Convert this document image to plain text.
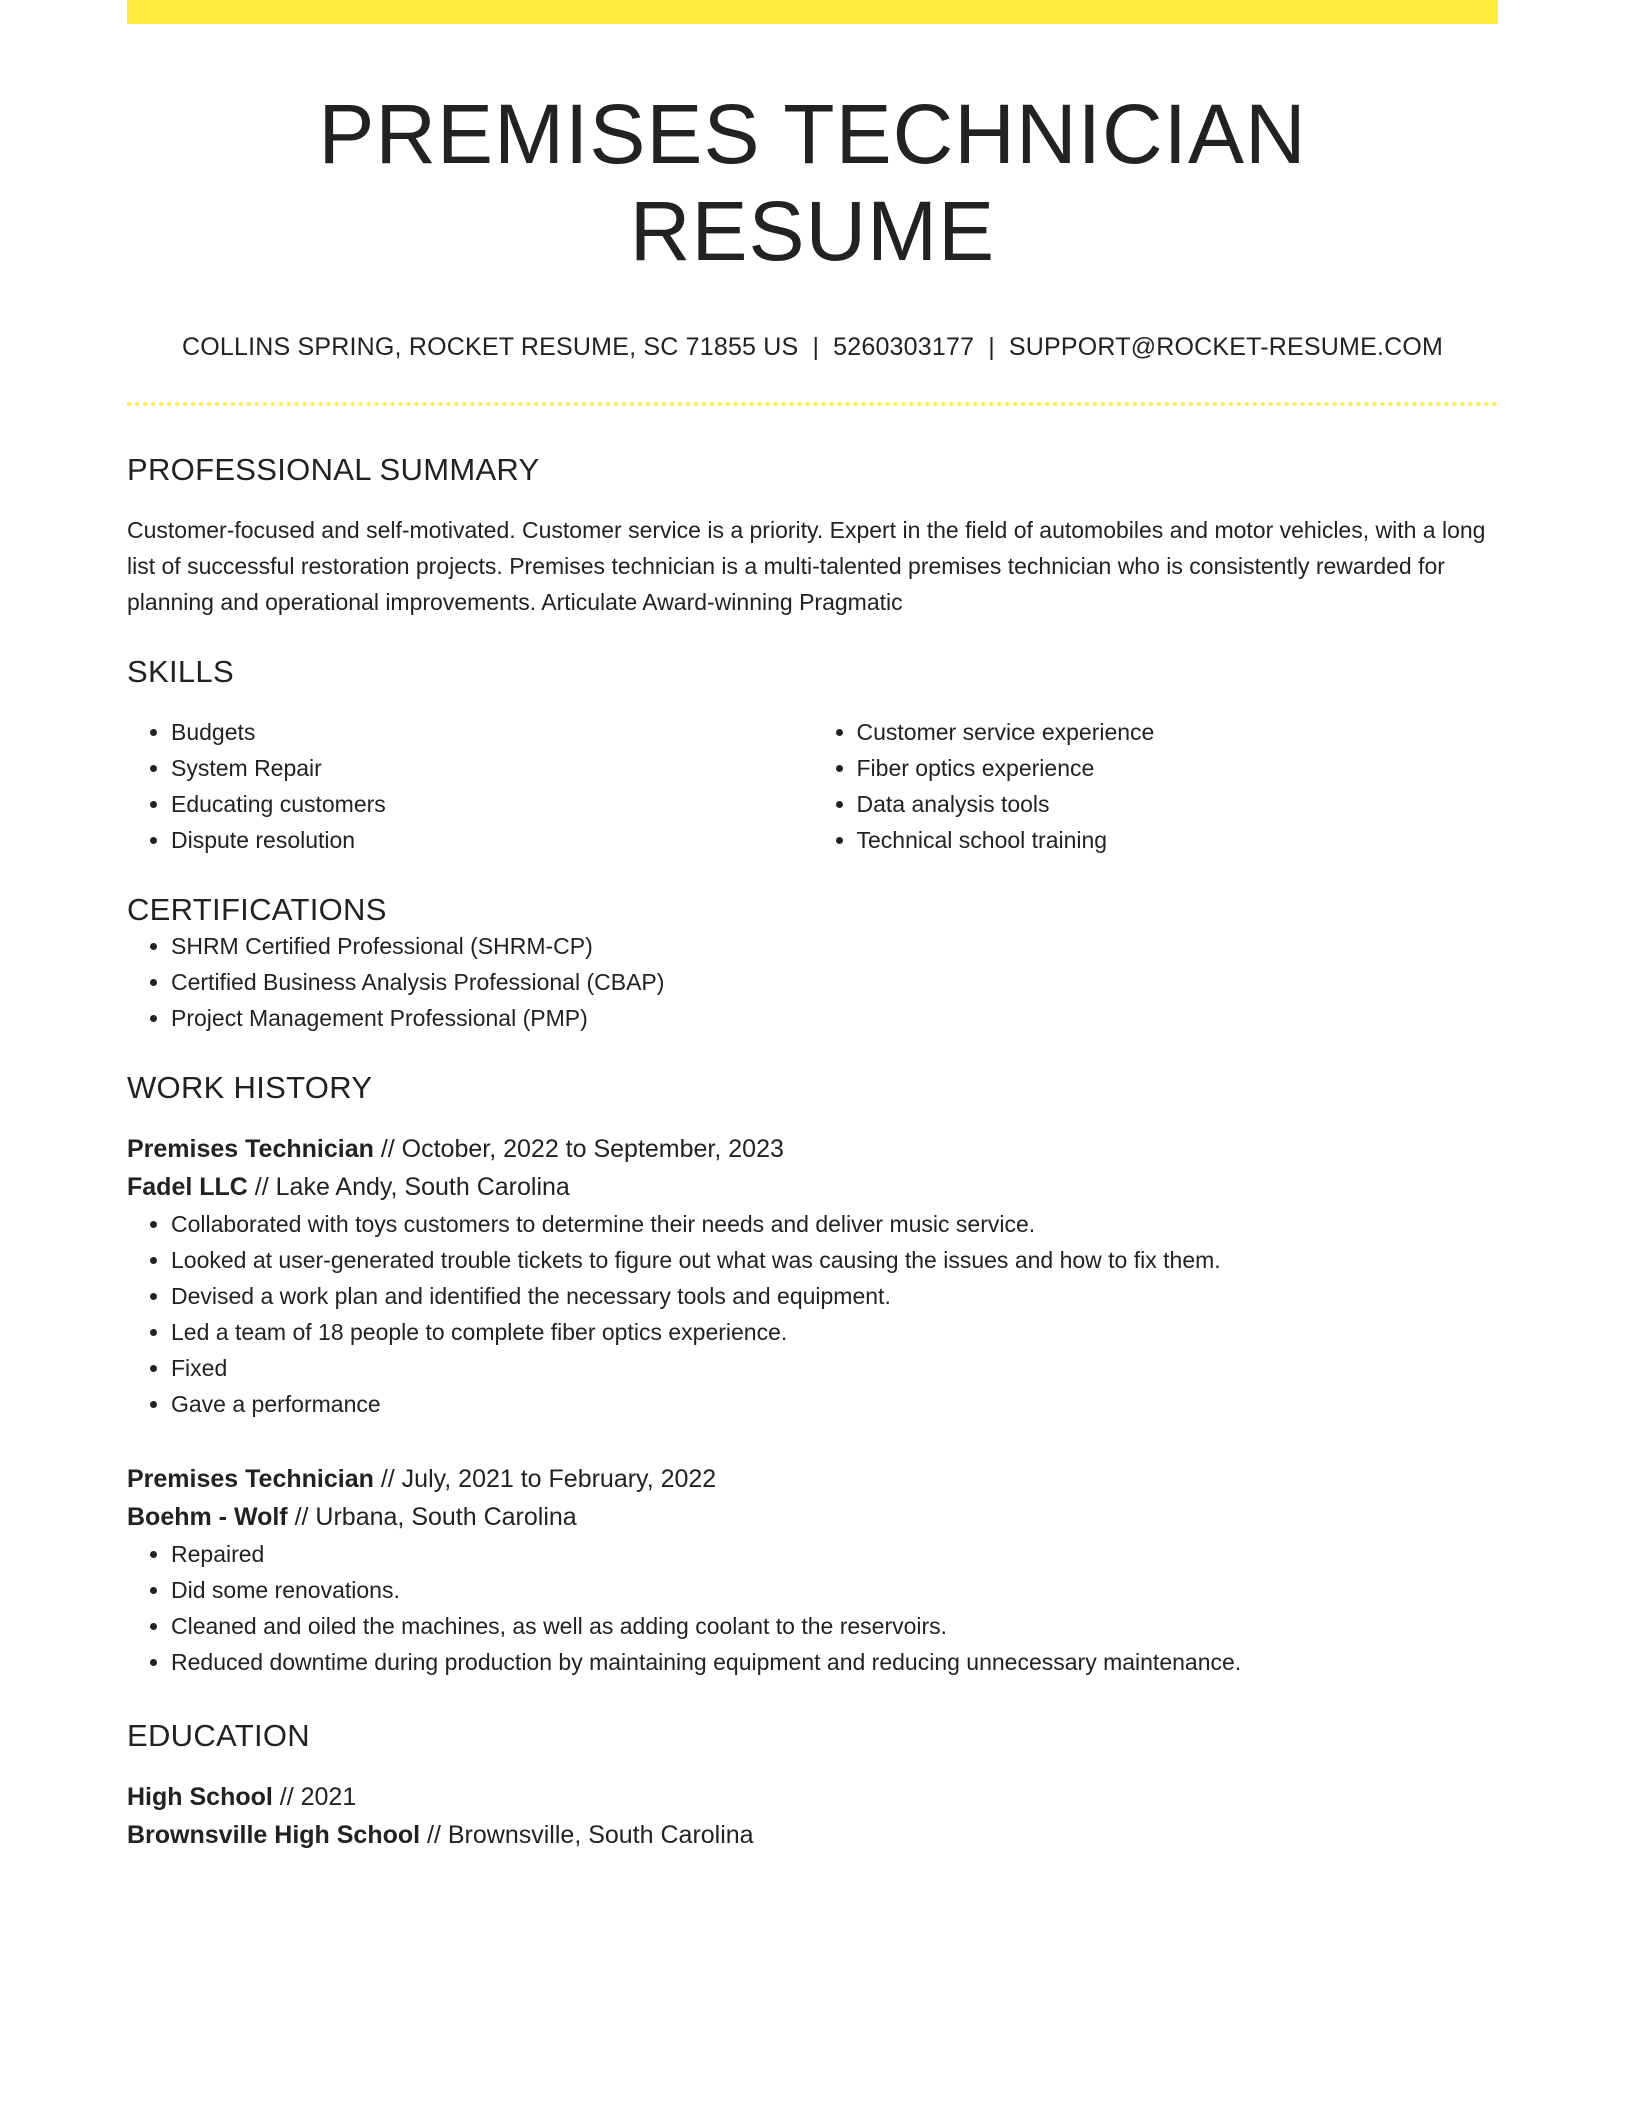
PREMISES TECHNICIAN RESUME
COLLINS SPRING, ROCKET RESUME, SC 71855 US | 5260303177 | SUPPORT@ROCKET-RESUME.COM
PROFESSIONAL SUMMARY

Customer-focused and self-motivated. Customer service is a priority. Expert in the field of automobiles and motor vehicles, with a long list of successful restoration projects. Premises technician is a multi-talented premises technician who is consistently rewarded for planning and operational improvements. Articulate Award-winning Pragmatic

SKILLS
• Budgets
• System Repair
• Educating customers
• Dispute resolution
• Customer service experience
• Fiber optics experience
• Data analysis tools
• Technical school training
CERTIFICATIONS
• SHRM Certified Professional (SHRM-CP)
• Certified Business Analysis Professional (CBAP)
• Project Management Professional (PMP)
WORK HISTORY
Premises Technician // October, 2022 to September, 2023
Fadel LLC // Lake Andy, South Carolina
• Collaborated with toys customers to determine their needs and deliver music service.
• Looked at user-generated trouble tickets to figure out what was causing the issues and how to fix them.
• Devised a work plan and identified the necessary tools and equipment.
• Led a team of 18 people to complete fiber optics experience.
• Fixed
• Gave a performance
Premises Technician // July, 2021 to February, 2022
Boehm - Wolf // Urbana, South Carolina
• Repaired
• Did some renovations.
• Cleaned and oiled the machines, as well as adding coolant to the reservoirs.
• Reduced downtime during production by maintaining equipment and reducing unnecessary maintenance.
EDUCATION
High School // 2021
Brownsville High School // Brownsville, South Carolina
